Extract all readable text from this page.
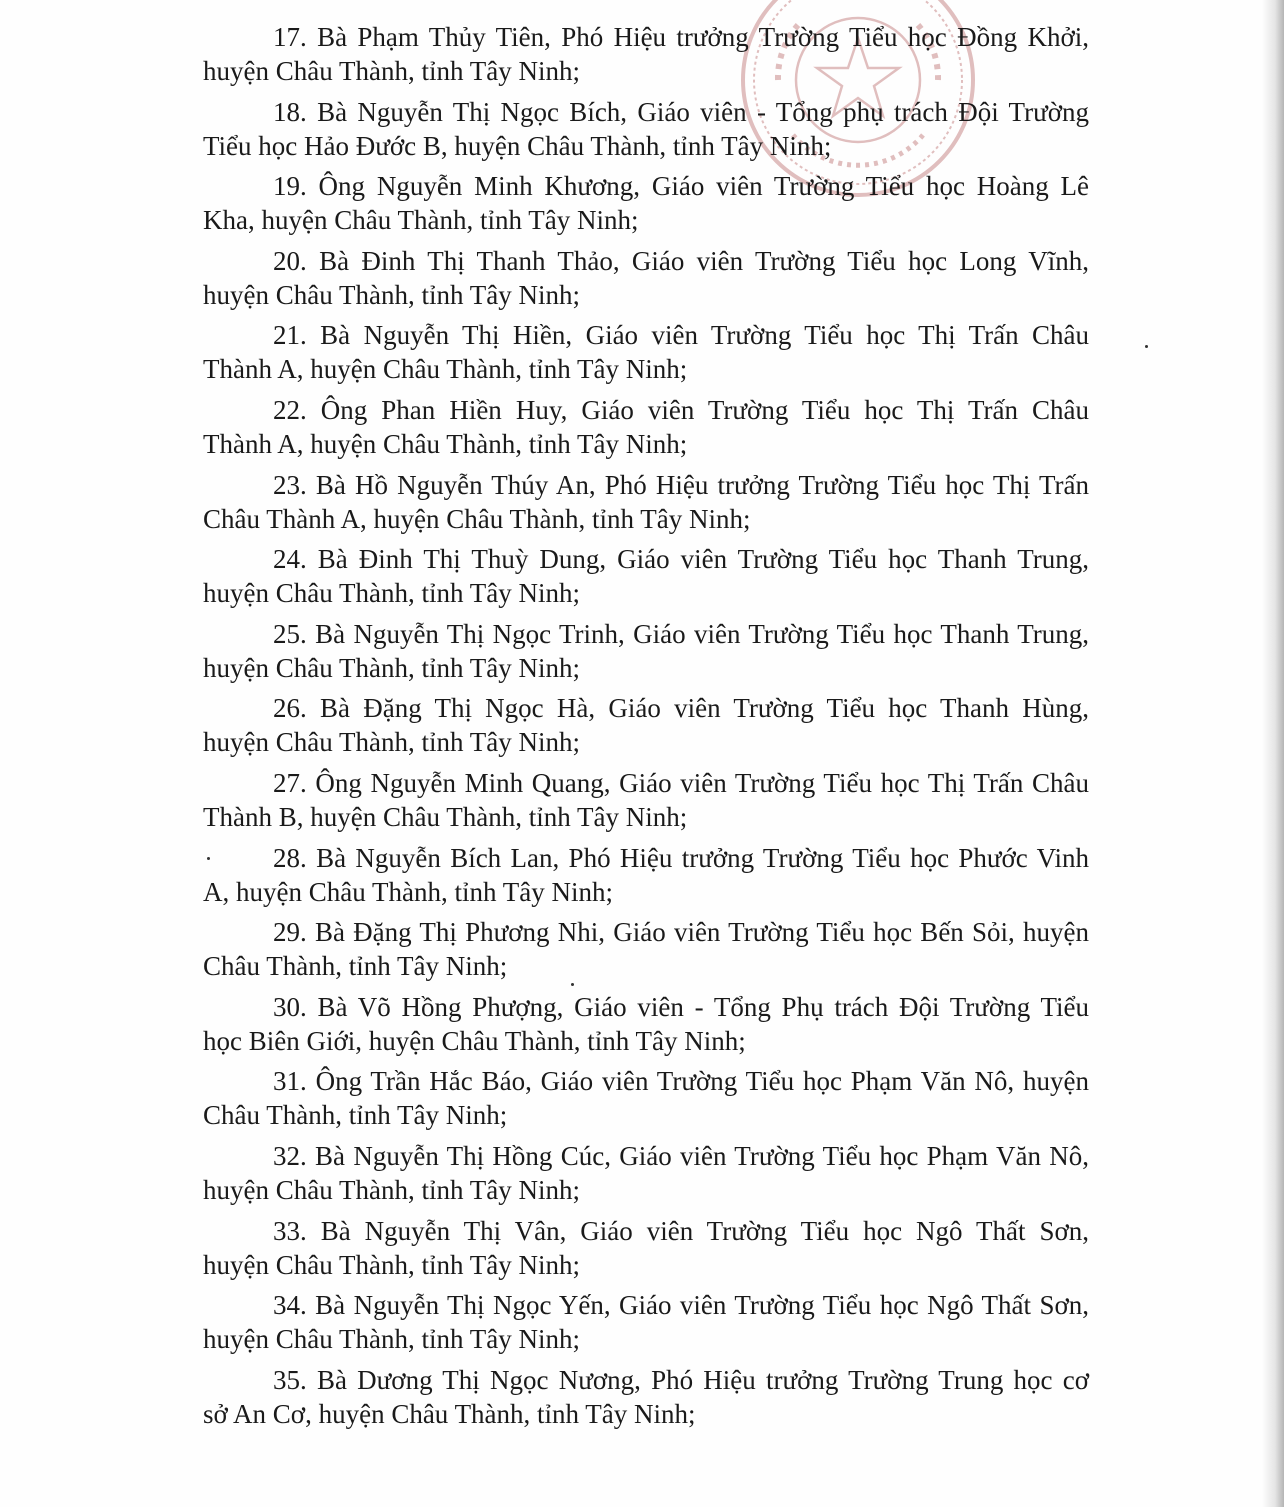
17. Bà Phạm Thủy Tiên, Phó Hiệu trưởng Trường Tiểu học Đồng Khởi,
huyện Châu Thành, tỉnh Tây Ninh;
18. Bà Nguyễn Thị Ngọc Bích, Giáo viên - Tổng phụ trách Đội Trường
Tiểu học Hảo Đước B, huyện Châu Thành, tỉnh Tây Ninh;
19. Ông Nguyễn Minh Khương, Giáo viên Trường Tiểu học Hoàng Lê
Kha, huyện Châu Thành, tỉnh Tây Ninh;
20. Bà Đinh Thị Thanh Thảo, Giáo viên Trường Tiểu học Long Vĩnh,
huyện Châu Thành, tỉnh Tây Ninh;
21. Bà Nguyễn Thị Hiền, Giáo viên Trường Tiểu học Thị Trấn Châu
Thành A, huyện Châu Thành, tỉnh Tây Ninh;
22. Ông Phan Hiền Huy, Giáo viên Trường Tiểu học Thị Trấn Châu
Thành A, huyện Châu Thành, tỉnh Tây Ninh;
23. Bà Hồ Nguyễn Thúy An, Phó Hiệu trưởng Trường Tiểu học Thị Trấn
Châu Thành A, huyện Châu Thành, tỉnh Tây Ninh;
24. Bà Đinh Thị Thuỳ Dung, Giáo viên Trường Tiểu học Thanh Trung,
huyện Châu Thành, tỉnh Tây Ninh;
25. Bà Nguyễn Thị Ngọc Trinh, Giáo viên Trường Tiểu học Thanh Trung,
huyện Châu Thành, tỉnh Tây Ninh;
26. Bà Đặng Thị Ngọc Hà, Giáo viên Trường Tiểu học Thanh Hùng,
huyện Châu Thành, tỉnh Tây Ninh;
27. Ông Nguyễn Minh Quang, Giáo viên Trường Tiểu học Thị Trấn Châu
Thành B, huyện Châu Thành, tỉnh Tây Ninh;
28. Bà Nguyễn Bích Lan, Phó Hiệu trưởng Trường Tiểu học Phước Vinh
A, huyện Châu Thành, tỉnh Tây Ninh;
29. Bà Đặng Thị Phương Nhi, Giáo viên Trường Tiểu học Bến Sỏi, huyện
Châu Thành, tỉnh Tây Ninh;
30. Bà Võ Hồng Phượng, Giáo viên - Tổng Phụ trách Đội Trường Tiểu
học Biên Giới, huyện Châu Thành, tỉnh Tây Ninh;
31. Ông Trần Hắc Báo, Giáo viên Trường Tiểu học Phạm Văn Nô, huyện
Châu Thành, tỉnh Tây Ninh;
32. Bà Nguyễn Thị Hồng Cúc, Giáo viên Trường Tiểu học Phạm Văn Nô,
huyện Châu Thành, tỉnh Tây Ninh;
33. Bà Nguyễn Thị Vân, Giáo viên Trường Tiểu học Ngô Thất Sơn,
huyện Châu Thành, tỉnh Tây Ninh;
34. Bà Nguyễn Thị Ngọc Yến, Giáo viên Trường Tiểu học Ngô Thất Sơn,
huyện Châu Thành, tỉnh Tây Ninh;
35. Bà Dương Thị Ngọc Nương, Phó Hiệu trưởng Trường Trung học cơ
sở An Cơ, huyện Châu Thành, tỉnh Tây Ninh;
